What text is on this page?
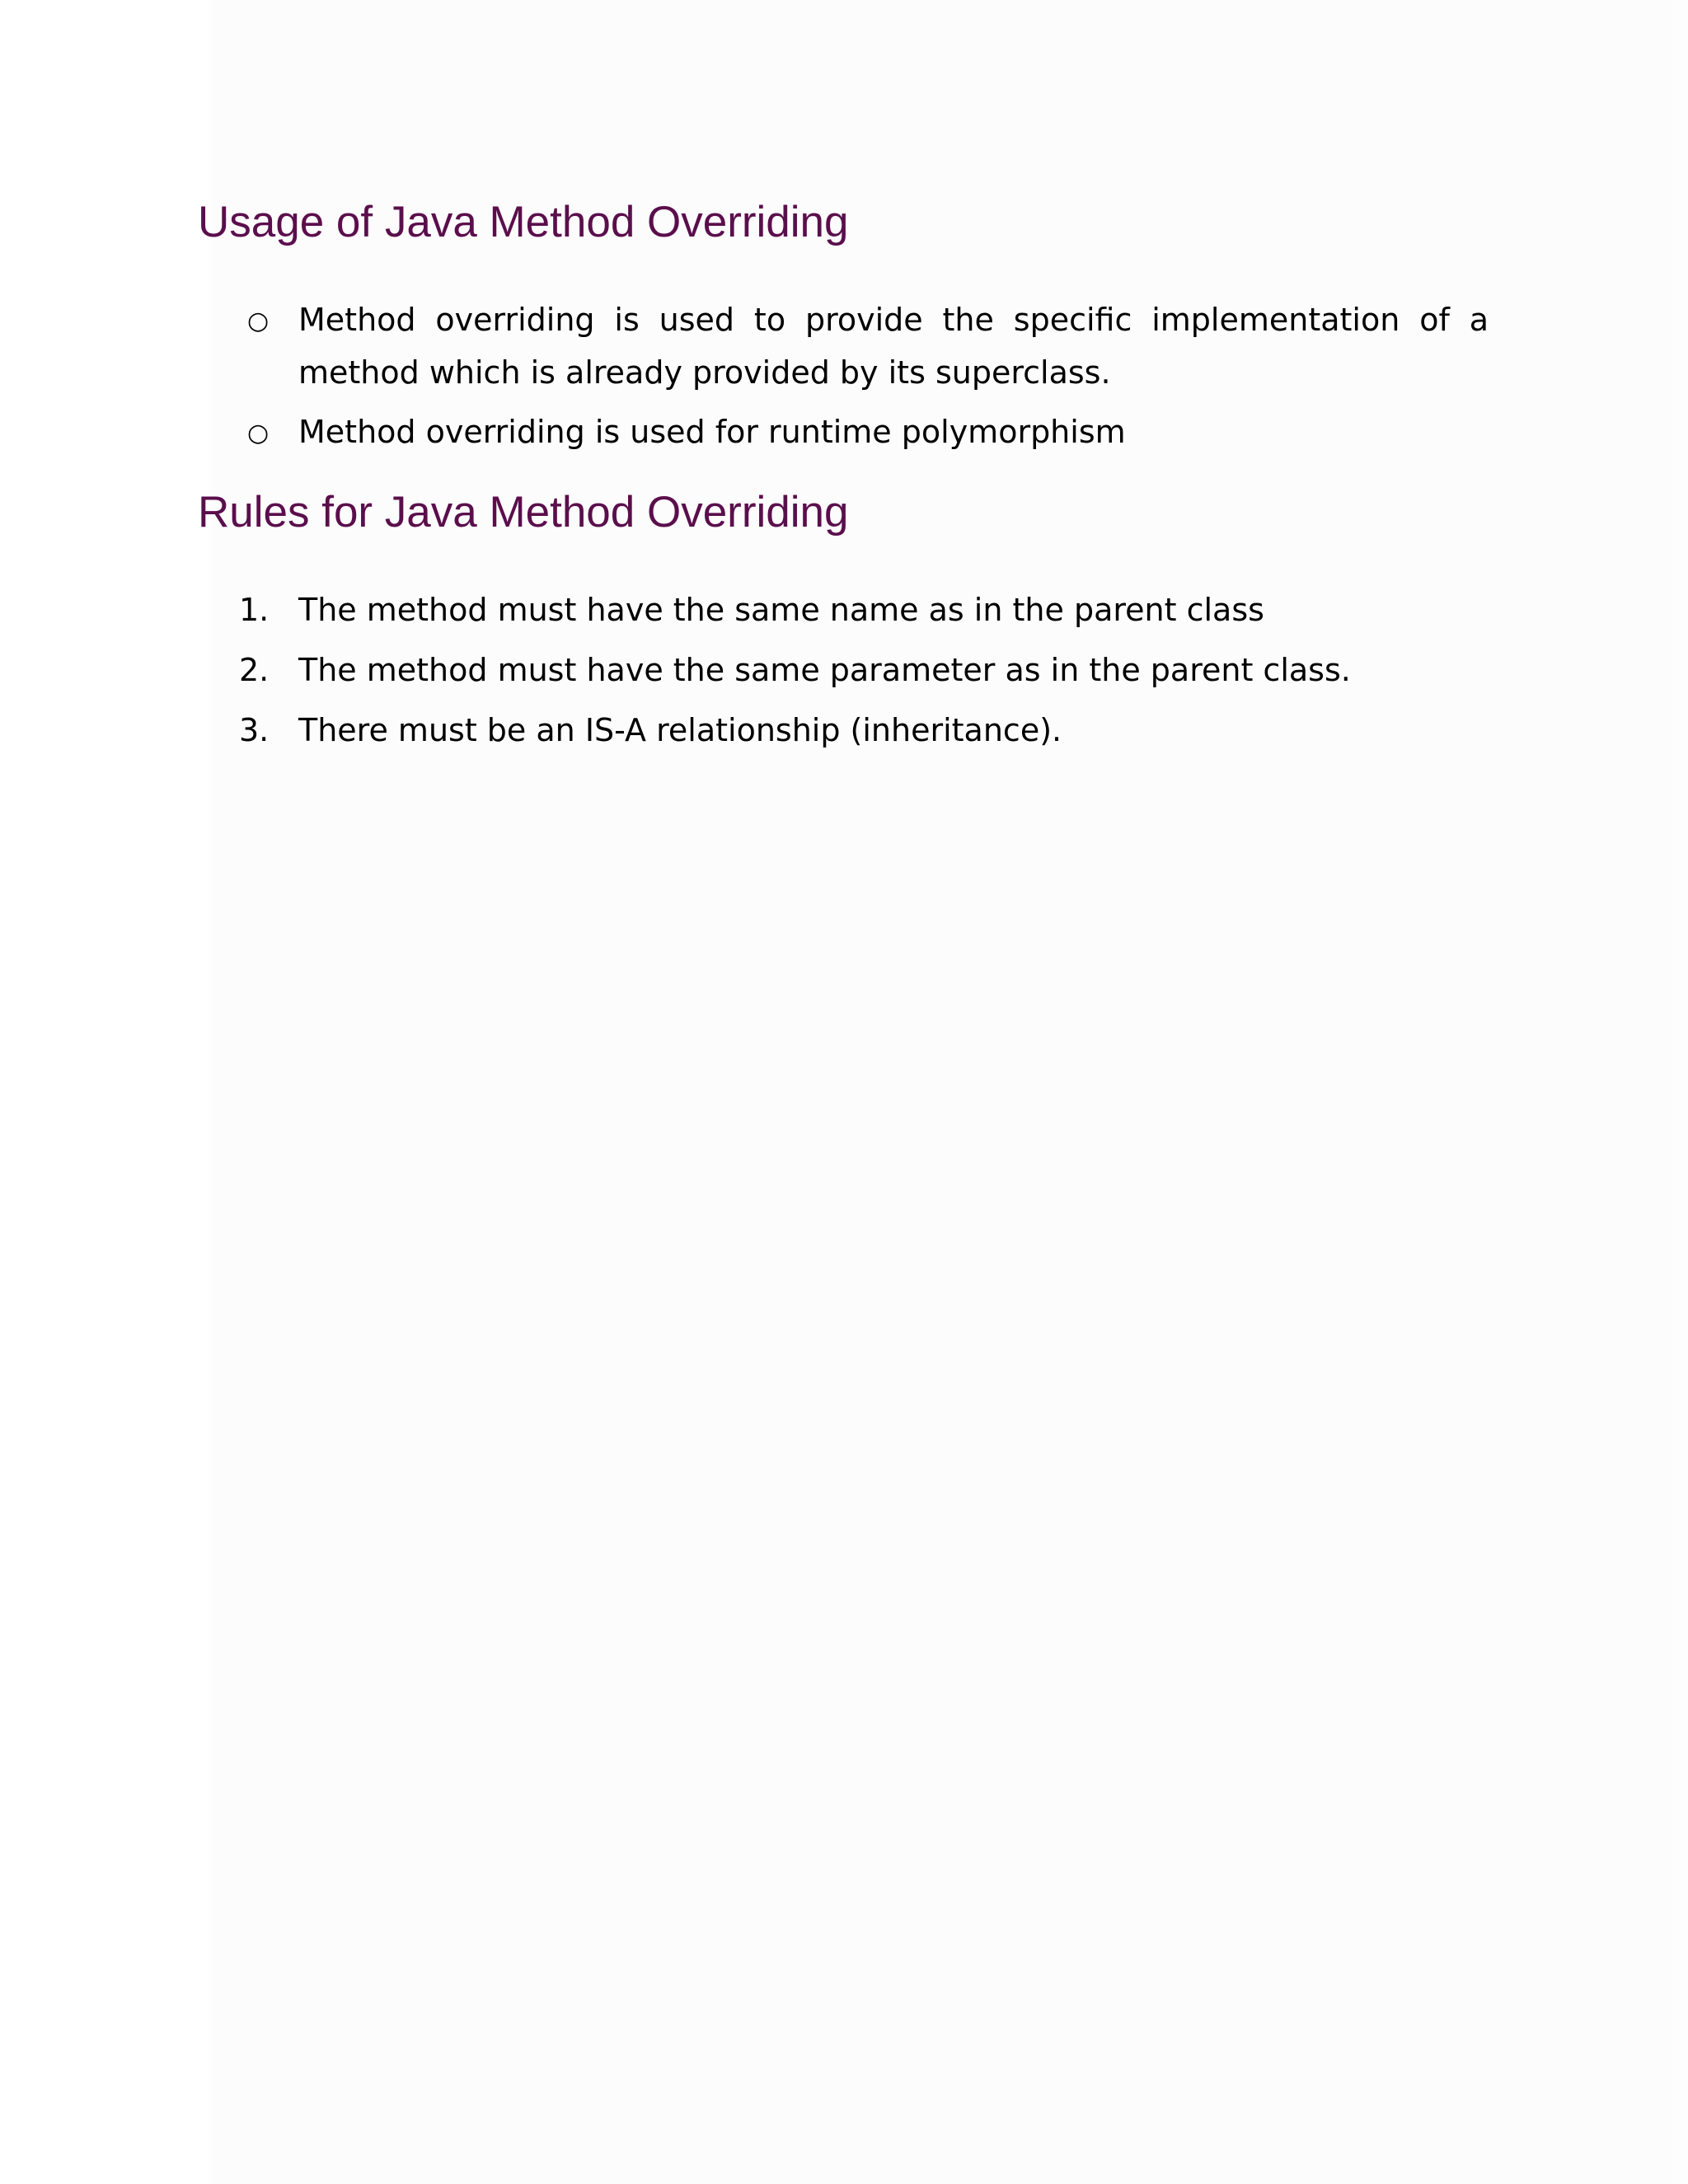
Usage of Java Method Overriding
○ Method overriding is used to provide the specific implementation of a method which is already provided by its superclass.
○ Method overriding is used for runtime polymorphism
Rules for Java Method Overriding
1. The method must have the same name as in the parent class
2. The method must have the same parameter as in the parent class.
3. There must be an IS-A relationship (inheritance).
